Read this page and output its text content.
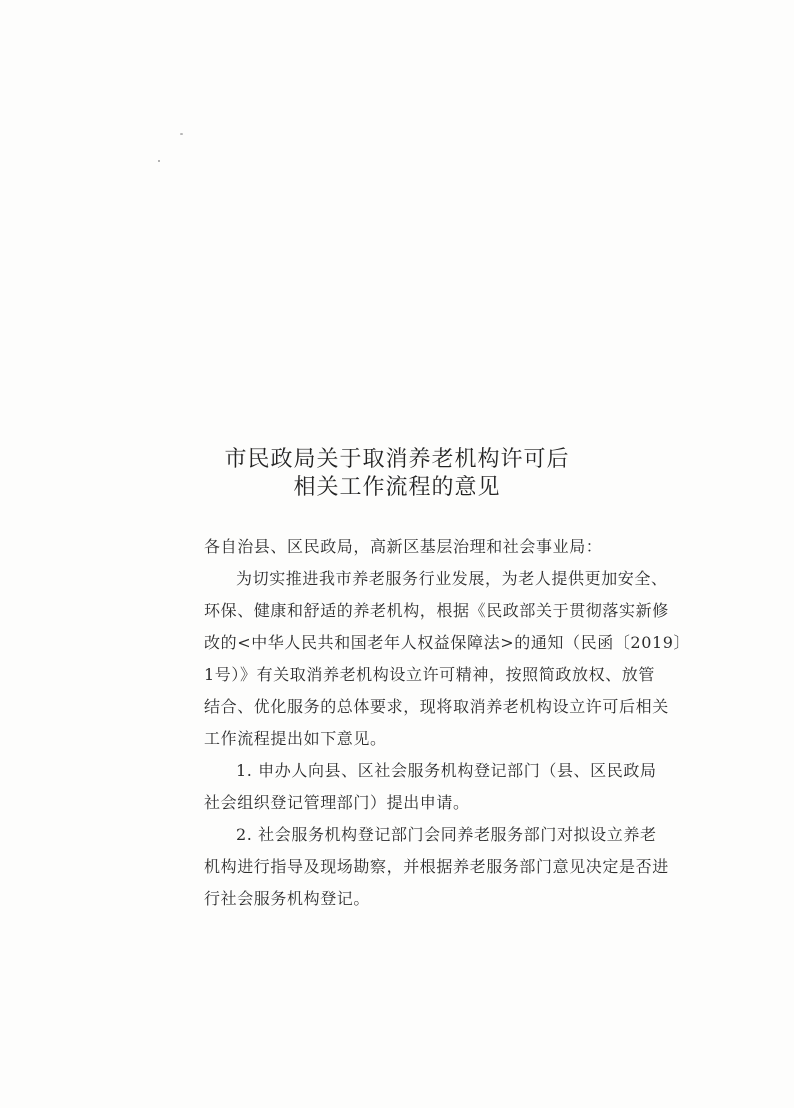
市民政局关于取消养老机构许可后
相关工作流程的意见
各自治县、区民政局，高新区基层治理和社会事业局：
为切实推进我市养老服务行业发展，为老人提供更加安全、
环保、健康和舒适的养老机构，根据《民政部关于贯彻落实新修
改的<中华人民共和国老年人权益保障法>的通知（民函〔2019〕
1号）》有关取消养老机构设立许可精神，按照简政放权、放管
结合、优化服务的总体要求，现将取消养老机构设立许可后相关
工作流程提出如下意见。
1. 申办人向县、区社会服务机构登记部门（县、区民政局
社会组织登记管理部门）提出申请。
2. 社会服务机构登记部门会同养老服务部门对拟设立养老
机构进行指导及现场勘察，并根据养老服务部门意见决定是否进
行社会服务机构登记。
